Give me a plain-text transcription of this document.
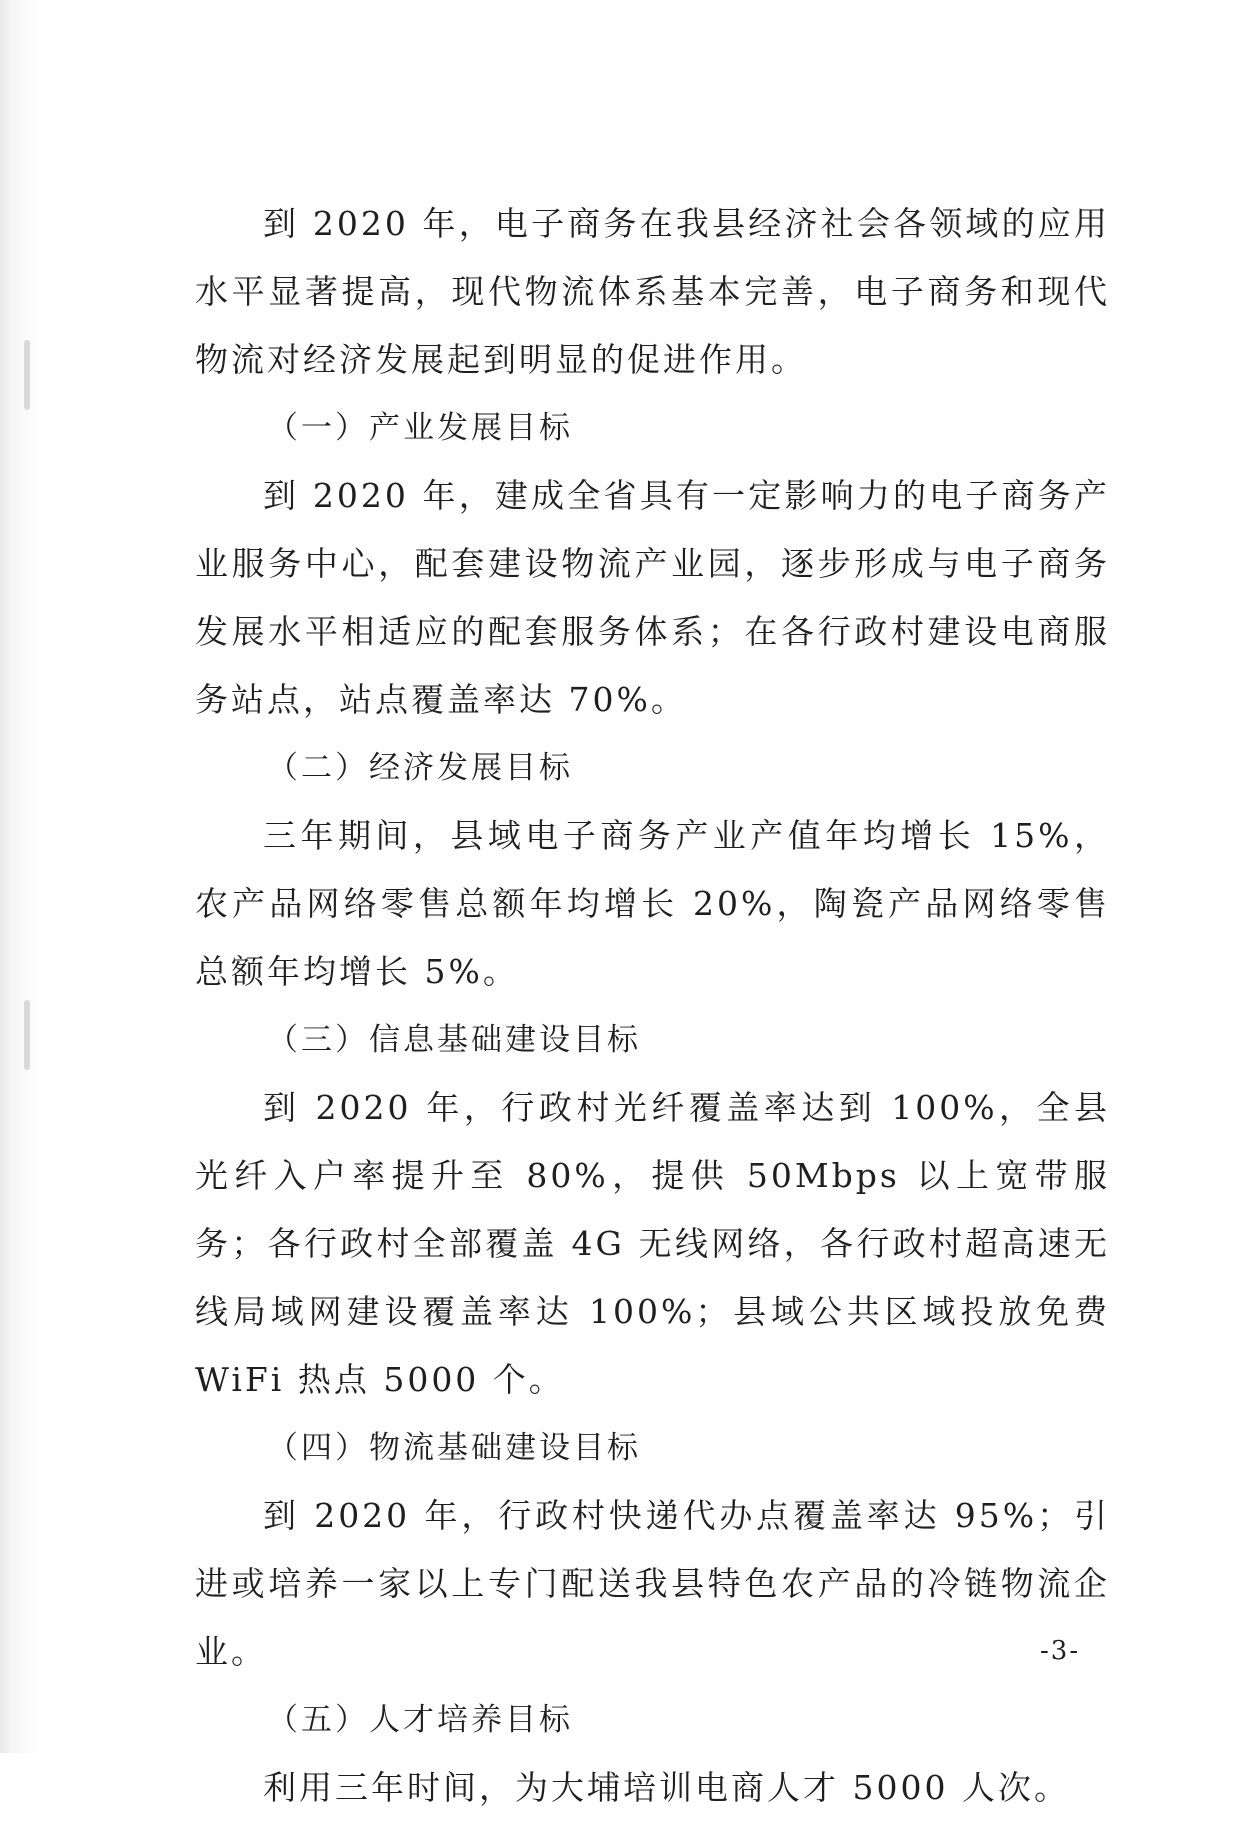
到 2020 年，电子商务在我县经济社会各领域的应用水平显著提高，现代物流体系基本完善，电子商务和现代物流对经济发展起到明显的促进作用。

（一）产业发展目标

到 2020 年，建成全省具有一定影响力的电子商务产业服务中心，配套建设物流产业园，逐步形成与电子商务发展水平相适应的配套服务体系；在各行政村建设电商服务站点，站点覆盖率达 70%。

（二）经济发展目标

三年期间，县域电子商务产业产值年均增长 15%，农产品网络零售总额年均增长 20%，陶瓷产品网络零售总额年均增长 5%。

（三）信息基础建设目标

到 2020 年，行政村光纤覆盖率达到 100%，全县光纤入户率提升至 80%，提供 50Mbps 以上宽带服务；各行政村全部覆盖 4G 无线网络，各行政村超高速无线局域网建设覆盖率达 100%；县域公共区域投放免费 WiFi 热点 5000 个。

（四）物流基础建设目标

到 2020 年，行政村快递代办点覆盖率达 95%；引进或培养一家以上专门配送我县特色农产品的冷链物流企业。

（五）人才培养目标

利用三年时间，为大埔培训电商人才 5000 人次。

-3-
